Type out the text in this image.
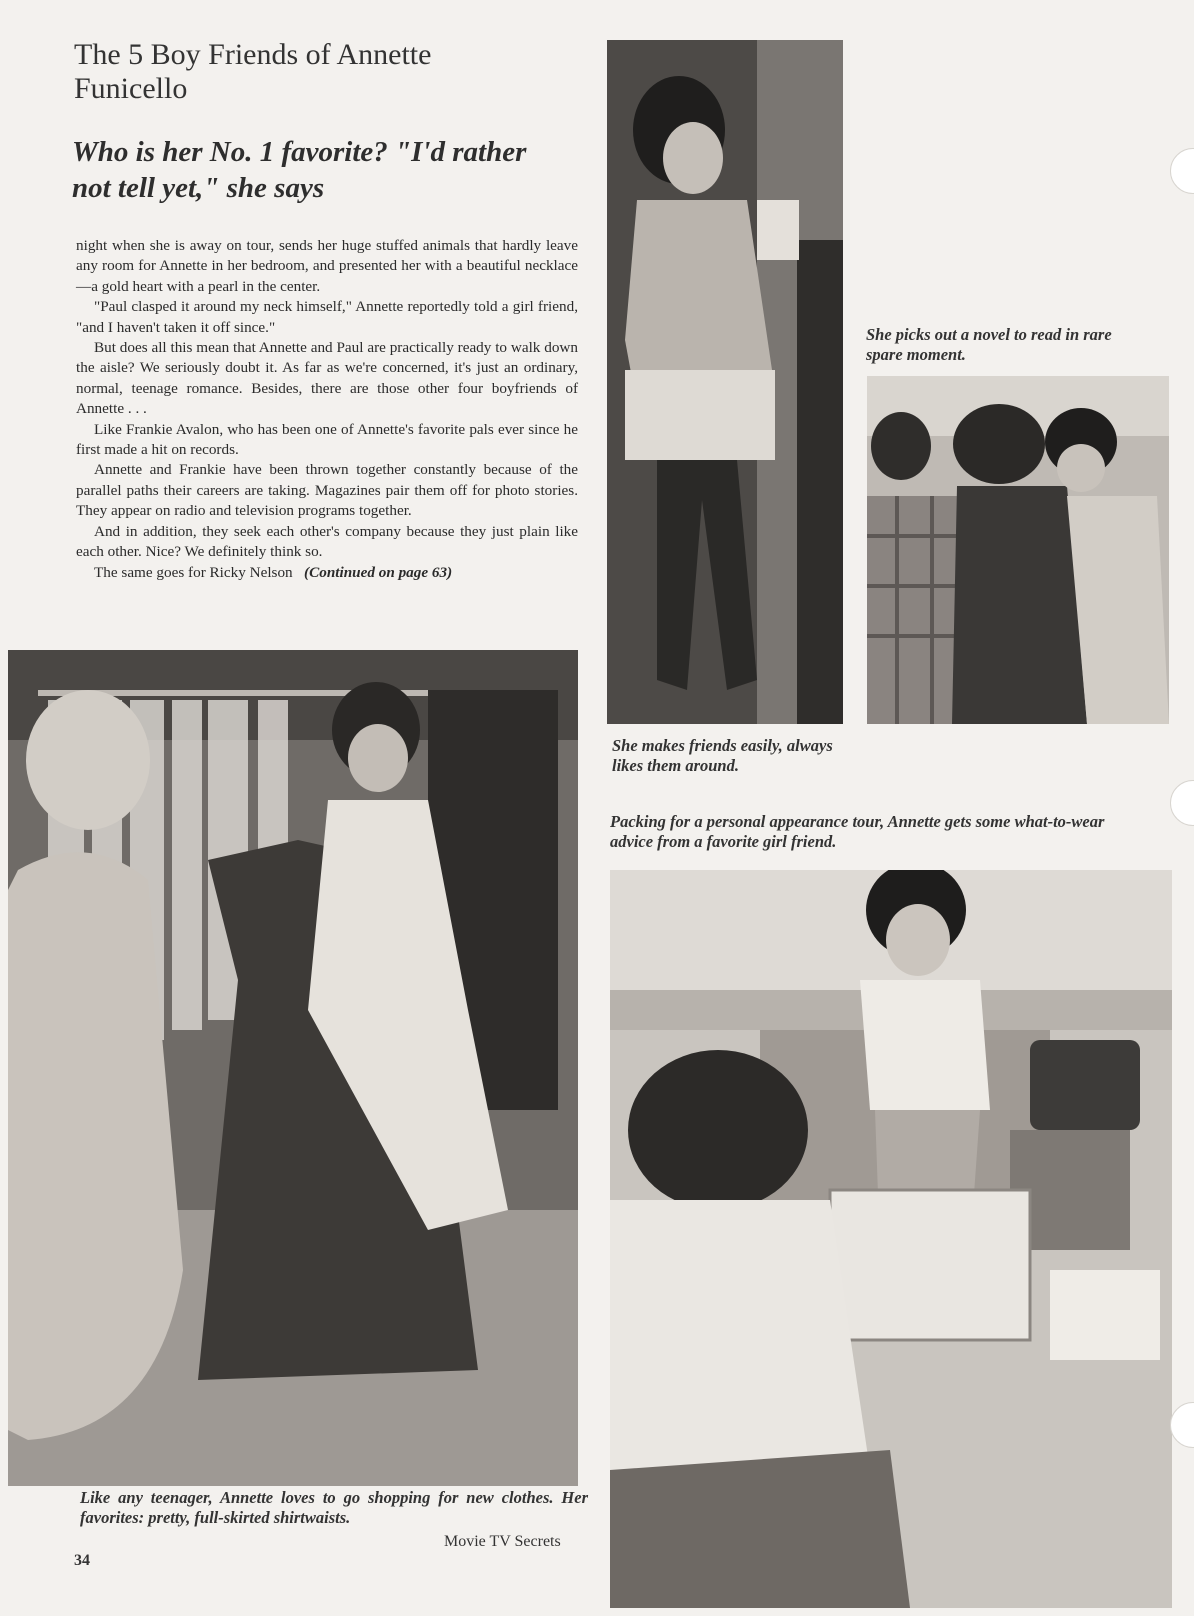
The 5 Boy Friends of Annette Funicello
Who is her No. 1 favorite? "I'd rather not tell yet," she says

night when she is away on tour, sends her huge stuffed animals that hardly leave any room for Annette in her bedroom, and presented her with a beautiful necklace—a gold heart with a pearl in the center.

"Paul clasped it around my neck himself," Annette reportedly told a girl friend, "and I haven't taken it off since."

But does all this mean that Annette and Paul are practically ready to walk down the aisle? We seriously doubt it. As far as we're concerned, it's just an ordinary, normal, teenage romance. Besides, there are those other four boyfriends of Annette . . .

Like Frankie Avalon, who has been one of Annette's favorite pals ever since he first made a hit on records.

Annette and Frankie have been thrown together constantly because of the parallel paths their careers are taking. Magazines pair them off for photo stories. They appear on radio and television programs together.

And in addition, they seek each other's company because they just plain like each other. Nice? We definitely think so.

The same goes for Ricky Nelson (Continued on page 63)

She picks out a novel to read in rare spare moment.
She makes friends easily, always likes them around.
Packing for a personal appearance tour, Annette gets some what-to-wear advice from a favorite girl friend.
Like any teenager, Annette loves to go shopping for new clothes. Her favorites: pretty, full-skirted shirtwaists.
Movie TV Secrets
34
